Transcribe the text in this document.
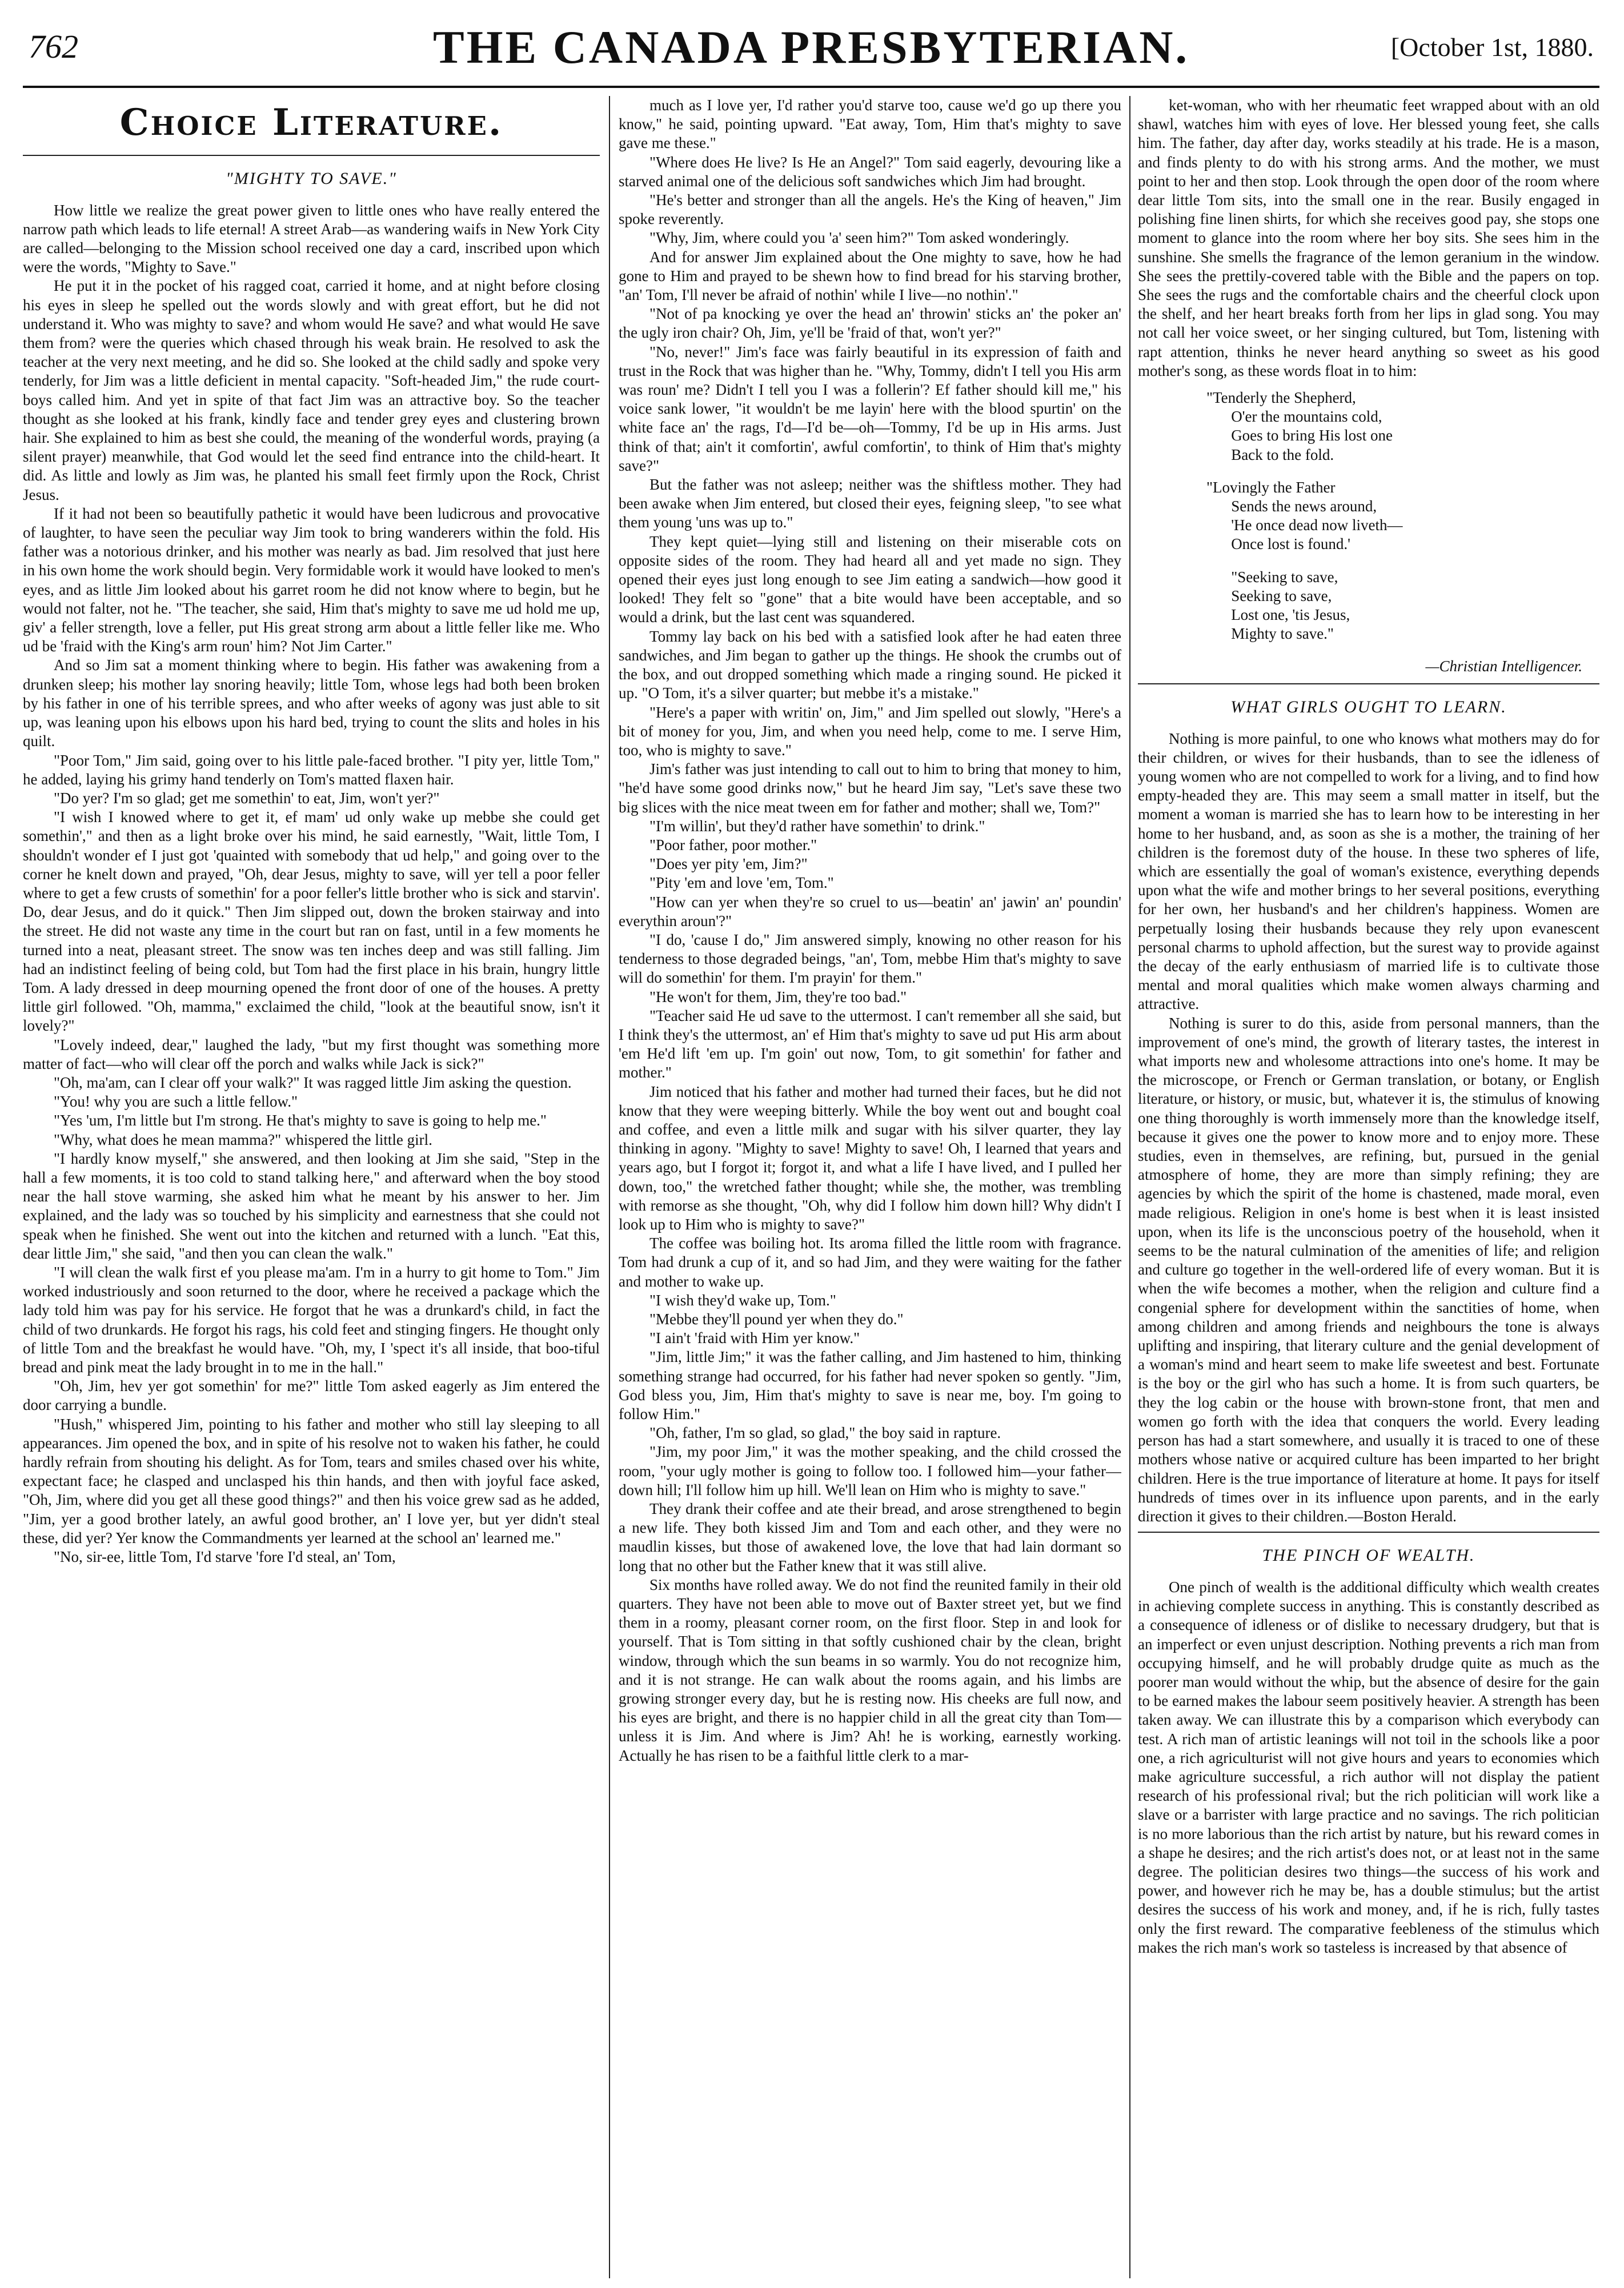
762	THE CANADA PRESBYTERIAN.	[October 1st, 1880.
Choice Literature.
"MIGHTY TO SAVE."

How little we realize the great power given to little ones who have really entered the narrow path which leads to life eternal! A street Arab—as wandering waifs in New York City are called—belonging to the Mission school received one day a card, inscribed upon which were the words, "Mighty to Save."

He put it in the pocket of his ragged coat, carried it home, and at night before closing his eyes in sleep he spelled out the words slowly and with great effort, but he did not understand it. Who was mighty to save? and whom would He save? and what would He save them from? were the queries which chased through his weak brain. He resolved to ask the teacher at the very next meeting, and he did so. She looked at the child sadly and spoke very tenderly, for Jim was a little deficient in mental capacity. "Soft-headed Jim," the rude court-boys called him. And yet in spite of that fact Jim was an attractive boy. So the teacher thought as she looked at his frank, kindly face and tender grey eyes and clustering brown hair. She explained to him as best she could, the meaning of the wonderful words, praying (a silent prayer) meanwhile, that God would let the seed find entrance into the child-heart. It did. As little and lowly as Jim was, he planted his small feet firmly upon the Rock, Christ Jesus.

If it had not been so beautifully pathetic it would have been ludicrous and provocative of laughter, to have seen the peculiar way Jim took to bring wanderers within the fold. His father was a notorious drinker, and his mother was nearly as bad. Jim resolved that just here in his own home the work should begin. Very formidable work it would have looked to men's eyes, and as little Jim looked about his garret room he did not know where to begin, but he would not falter, not he. "The teacher, she said, Him that's mighty to save me ud hold me up, giv' a feller strength, love a feller, put His great strong arm about a little feller like me. Who ud be 'fraid with the King's arm roun' him? Not Jim Carter."

And so Jim sat a moment thinking where to begin. His father was awakening from a drunken sleep; his mother lay snoring heavily; little Tom, whose legs had both been broken by his father in one of his terrible sprees, and who after weeks of agony was just able to sit up, was leaning upon his elbows upon his hard bed, trying to count the slits and holes in his quilt.

"Poor Tom," Jim said, going over to his little pale-faced brother. "I pity yer, little Tom," he added, laying his grimy hand tenderly on Tom's matted flaxen hair.

"Do yer? I'm so glad; get me somethin' to eat, Jim, won't yer?"

"I wish I knowed where to get it, ef mam' ud only wake up mebbe she could get somethin'," and then as a light broke over his mind, he said earnestly, "Wait, little Tom, I shouldn't wonder ef I just got 'quainted with somebody that ud help," and going over to the corner he knelt down and prayed, "Oh, dear Jesus, mighty to save, will yer tell a poor feller where to get a few crusts of somethin' for a poor feller's little brother who is sick and starvin'. Do, dear Jesus, and do it quick." Then Jim slipped out, down the broken stairway and into the street. He did not waste any time in the court but ran on fast, until in a few moments he turned into a neat, pleasant street. The snow was ten inches deep and was still falling. Jim had an indistinct feeling of being cold, but Tom had the first place in his brain, hungry little Tom. A lady dressed in deep mourning opened the front door of one of the houses. A pretty little girl followed. "Oh, mamma," exclaimed the child, "look at the beautiful snow, isn't it lovely?"

"Lovely indeed, dear," laughed the lady, "but my first thought was something more matter of fact—who will clear off the porch and walks while Jack is sick?"

"Oh, ma'am, can I clear off your walk?" It was ragged little Jim asking the question.

"You! why you are such a little fellow."

"Yes 'um, I'm little but I'm strong. He that's mighty to save is going to help me."

"Why, what does he mean mamma?" whispered the little girl.

"I hardly know myself," she answered, and then looking at Jim she said, "Step in the hall a few moments, it is too cold to stand talking here," and afterward when the boy stood near the hall stove warming, she asked him what he meant by his answer to her. Jim explained, and the lady was so touched by his simplicity and earnestness that she could not speak when he finished. She went out into the kitchen and returned with a lunch. "Eat this, dear little Jim," she said, "and then you can clean the walk."

"I will clean the walk first ef you please ma'am. I'm in a hurry to git home to Tom." Jim worked industriously and soon returned to the door, where he received a package which the lady told him was pay for his service. He forgot that he was a drunkard's child, in fact the child of two drunkards. He forgot his rags, his cold feet and stinging fingers. He thought only of little Tom and the breakfast he would have. "Oh, my, I 'spect it's all inside, that boo-tiful bread and pink meat the lady brought in to me in the hall."

"Oh, Jim, hev yer got somethin' for me?" little Tom asked eagerly as Jim entered the door carrying a bundle.

"Hush," whispered Jim, pointing to his father and mother who still lay sleeping to all appearances. Jim opened the box, and in spite of his resolve not to waken his father, he could hardly refrain from shouting his delight. As for Tom, tears and smiles chased over his white, expectant face; he clasped and unclasped his thin hands, and then with joyful face asked, "Oh, Jim, where did you get all these good things?" and then his voice grew sad as he added, "Jim, yer a good brother lately, an awful good brother, an' I love yer, but yer didn't steal these, did yer? Yer know the Commandments yer learned at the school an' learned me."

"No, sir-ee, little Tom, I'd starve 'fore I'd steal, an' Tom,

much as I love yer, I'd rather you'd starve too, cause we'd go up there you know," he said, pointing upward. "Eat away, Tom, Him that's mighty to save gave me these."

"Where does He live? Is He an Angel?" Tom said eagerly, devouring like a starved animal one of the delicious soft sandwiches which Jim had brought.

"He's better and stronger than all the angels. He's the King of heaven," Jim spoke reverently.

"Why, Jim, where could you 'a' seen him?" Tom asked wonderingly.

And for answer Jim explained about the One mighty to save, how he had gone to Him and prayed to be shewn how to find bread for his starving brother, "an' Tom, I'll never be afraid of nothin' while I live—no nothin'."

"Not of pa knocking ye over the head an' throwin' sticks an' the poker an' the ugly iron chair? Oh, Jim, ye'll be 'fraid of that, won't yer?"

"No, never!" Jim's face was fairly beautiful in its expression of faith and trust in the Rock that was higher than he. "Why, Tommy, didn't I tell you His arm was roun' me? Didn't I tell you I was a follerin'? Ef father should kill me," his voice sank lower, "it wouldn't be me layin' here with the blood spurtin' on the white face an' the rags, I'd—I'd be—oh—Tommy, I'd be up in His arms. Just think of that; ain't it comfortin', awful comfortin', to think of Him that's mighty save?"

But the father was not asleep; neither was the shiftless mother. They had been awake when Jim entered, but closed their eyes, feigning sleep, "to see what them young 'uns was up to."

They kept quiet—lying still and listening on their miserable cots on opposite sides of the room. They had heard all and yet made no sign. They opened their eyes just long enough to see Jim eating a sandwich—how good it looked! They felt so "gone" that a bite would have been acceptable, and so would a drink, but the last cent was squandered.

Tommy lay back on his bed with a satisfied look after he had eaten three sandwiches, and Jim began to gather up the things. He shook the crumbs out of the box, and out dropped something which made a ringing sound. He picked it up. "O Tom, it's a silver quarter; but mebbe it's a mistake."

"Here's a paper with writin' on, Jim," and Jim spelled out slowly, "Here's a bit of money for you, Jim, and when you need help, come to me. I serve Him, too, who is mighty to save."

Jim's father was just intending to call out to him to bring that money to him, "he'd have some good drinks now," but he heard Jim say, "Let's save these two big slices with the nice meat tween em for father and mother; shall we, Tom?"

"I'm willin', but they'd rather have somethin' to drink."

"Poor father, poor mother."

"Does yer pity 'em, Jim?"

"Pity 'em and love 'em, Tom."

"How can yer when they're so cruel to us—beatin' an' jawin' an' poundin' everythin aroun'?"

"I do, 'cause I do," Jim answered simply, knowing no other reason for his tenderness to those degraded beings, "an', Tom, mebbe Him that's mighty to save will do somethin' for them. I'm prayin' for them."

"He won't for them, Jim, they're too bad."

"Teacher said He ud save to the uttermost. I can't remember all she said, but I think they's the uttermost, an' ef Him that's mighty to save ud put His arm about 'em He'd lift 'em up. I'm goin' out now, Tom, to git somethin' for father and mother."

Jim noticed that his father and mother had turned their faces, but he did not know that they were weeping bitterly. While the boy went out and bought coal and coffee, and even a little milk and sugar with his silver quarter, they lay thinking in agony. "Mighty to save! Mighty to save! Oh, I learned that years and years ago, but I forgot it; forgot it, and what a life I have lived, and I pulled her down, too," the wretched father thought; while she, the mother, was trembling with remorse as she thought, "Oh, why did I follow him down hill? Why didn't I look up to Him who is mighty to save?"

The coffee was boiling hot. Its aroma filled the little room with fragrance. Tom had drunk a cup of it, and so had Jim, and they were waiting for the father and mother to wake up.

"I wish they'd wake up, Tom."

"Mebbe they'll pound yer when they do."

"I ain't 'fraid with Him yer know."

"Jim, little Jim;" it was the father calling, and Jim hastened to him, thinking something strange had occurred, for his father had never spoken so gently. "Jim, God bless you, Jim, Him that's mighty to save is near me, boy. I'm going to follow Him."

"Oh, father, I'm so glad, so glad," the boy said in rapture.

"Jim, my poor Jim," it was the mother speaking, and the child crossed the room, "your ugly mother is going to follow too. I followed him—your father—down hill; I'll follow him up hill. We'll lean on Him who is mighty to save."

They drank their coffee and ate their bread, and arose strengthened to begin a new life. They both kissed Jim and Tom and each other, and they were no maudlin kisses, but those of awakened love, the love that had lain dormant so long that no other but the Father knew that it was still alive.

Six months have rolled away. We do not find the reunited family in their old quarters. They have not been able to move out of Baxter street yet, but we find them in a roomy, pleasant corner room, on the first floor. Step in and look for yourself. That is Tom sitting in that softly cushioned chair by the clean, bright window, through which the sun beams in so warmly. You do not recognize him, and it is not strange. He can walk about the rooms again, and his limbs are growing stronger every day, but he is resting now. His cheeks are full now, and his eyes are bright, and there is no happier child in all the great city than Tom—unless it is Jim. And where is Jim? Ah! he is working, earnestly working. Actually he has risen to be a faithful little clerk to a mar-

ket-woman, who with her rheumatic feet wrapped about with an old shawl, watches him with eyes of love. Her blessed young feet, she calls him. The father, day after day, works steadily at his trade. He is a mason, and finds plenty to do with his strong arms. And the mother, we must point to her and then stop. Look through the open door of the room where dear little Tom sits, into the small one in the rear. Busily engaged in polishing fine linen shirts, for which she receives good pay, she stops one moment to glance into the room where her boy sits. She sees him in the sunshine. She smells the fragrance of the lemon geranium in the window. She sees the prettily-covered table with the Bible and the papers on top. She sees the rugs and the comfortable chairs and the cheerful clock upon the shelf, and her heart breaks forth from her lips in glad song. You may not call her voice sweet, or her singing cultured, but Tom, listening with rapt attention, thinks he never heard anything so sweet as his good mother's song, as these words float in to him:

"Tenderly the Shepherd,
O'er the mountains cold,
Goes to bring His lost one
Back to the fold.
"Lovingly the Father
Sends the news around,
'He once dead now liveth—
Once lost is found.'
"Seeking to save,
Seeking to save,
Lost one, 'tis Jesus,
Mighty to save."
—Christian Intelligencer.
WHAT GIRLS OUGHT TO LEARN.

Nothing is more painful, to one who knows what mothers may do for their children, or wives for their husbands, than to see the idleness of young women who are not compelled to work for a living, and to find how empty-headed they are. This may seem a small matter in itself, but the moment a woman is married she has to learn how to be interesting in her home to her husband, and, as soon as she is a mother, the training of her children is the foremost duty of the house. In these two spheres of life, which are essentially the goal of woman's existence, everything depends upon what the wife and mother brings to her several positions, everything for her own, her husband's and her children's happiness. Women are perpetually losing their husbands because they rely upon evanescent personal charms to uphold affection, but the surest way to provide against the decay of the early enthusiasm of married life is to cultivate those mental and moral qualities which make women always charming and attractive.

Nothing is surer to do this, aside from personal manners, than the improvement of one's mind, the growth of literary tastes, the interest in what imports new and wholesome attractions into one's home. It may be the microscope, or French or German translation, or botany, or English literature, or history, or music, but, whatever it is, the stimulus of knowing one thing thoroughly is worth immensely more than the knowledge itself, because it gives one the power to know more and to enjoy more. These studies, even in themselves, are refining, but, pursued in the genial atmosphere of home, they are more than simply refining; they are agencies by which the spirit of the home is chastened, made moral, even made religious. Religion in one's home is best when it is least insisted upon, when its life is the unconscious poetry of the household, when it seems to be the natural culmination of the amenities of life; and religion and culture go together in the well-ordered life of every woman. But it is when the wife becomes a mother, when the religion and culture find a congenial sphere for development within the sanctities of home, when among children and among friends and neighbours the tone is always uplifting and inspiring, that literary culture and the genial development of a woman's mind and heart seem to make life sweetest and best. Fortunate is the boy or the girl who has such a home. It is from such quarters, be they the log cabin or the house with brown-stone front, that men and women go forth with the idea that conquers the world. Every leading person has had a start somewhere, and usually it is traced to one of these mothers whose native or acquired culture has been imparted to her bright children. Here is the true importance of literature at home. It pays for itself hundreds of times over in its influence upon parents, and in the early direction it gives to their children.—Boston Herald.

THE PINCH OF WEALTH.

One pinch of wealth is the additional difficulty which wealth creates in achieving complete success in anything. This is constantly described as a consequence of idleness or of dislike to necessary drudgery, but that is an imperfect or even unjust description. Nothing prevents a rich man from occupying himself, and he will probably drudge quite as much as the poorer man would without the whip, but the absence of desire for the gain to be earned makes the labour seem positively heavier. A strength has been taken away. We can illustrate this by a comparison which everybody can test. A rich man of artistic leanings will not toil in the schools like a poor one, a rich agriculturist will not give hours and years to economies which make agriculture successful, a rich author will not display the patient research of his professional rival; but the rich politician will work like a slave or a barrister with large practice and no savings. The rich politician is no more laborious than the rich artist by nature, but his reward comes in a shape he desires; and the rich artist's does not, or at least not in the same degree. The politician desires two things—the success of his work and power, and however rich he may be, has a double stimulus; but the artist desires the success of his work and money, and, if he is rich, fully tastes only the first reward. The comparative feebleness of the stimulus which makes the rich man's work so tasteless is increased by that absence of
